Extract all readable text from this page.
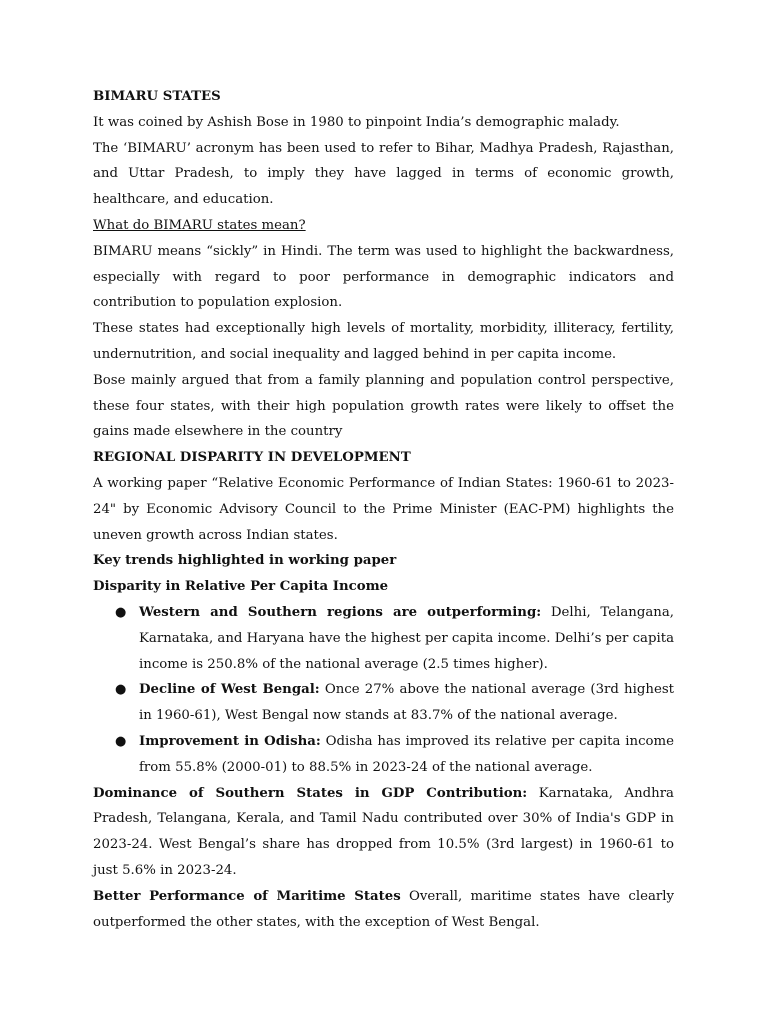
BIMARU STATES

It was coined by Ashish Bose in 1980 to pinpoint India’s demographic malady.

The ‘BIMARU’ acronym has been used to refer to Bihar, Madhya Pradesh, Rajasthan, and Uttar Pradesh, to imply they have lagged in terms of economic growth, healthcare, and education.

What do BIMARU states mean?

BIMARU means “sickly” in Hindi. The term was used to highlight the backwardness, especially with regard to poor performance in demographic indicators and contribution to population explosion.

These states had exceptionally high levels of mortality, morbidity, illiteracy, fertility, undernutrition, and social inequality and lagged behind in per capita income.

Bose mainly argued that from a family planning and population control perspective, these four states, with their high population growth rates were likely to offset the gains made elsewhere in the country

REGIONAL DISPARITY IN DEVELOPMENT

A working paper “Relative Economic Performance of Indian States: 1960-61 to 2023-24" by Economic Advisory Council to the Prime Minister (EAC-PM) highlights the uneven growth across Indian states.

Key trends highlighted in working paper

Disparity in Relative Per Capita Income

● Western and Southern regions are outperforming: Delhi, Telangana, Karnataka, and Haryana have the highest per capita income. Delhi’s per capita income is 250.8% of the national average (2.5 times higher).
● Decline of West Bengal: Once 27% above the national average (3rd highest in 1960-61), West Bengal now stands at 83.7% of the national average.
● Improvement in Odisha: Odisha has improved its relative per capita income from 55.8% (2000-01) to 88.5% in 2023-24 of the national average.

Dominance of Southern States in GDP Contribution: Karnataka, Andhra Pradesh, Telangana, Kerala, and Tamil Nadu contributed over 30% of India's GDP in 2023-24. West Bengal’s share has dropped from 10.5% (3rd largest) in 1960-61 to just 5.6% in 2023-24.

Better Performance of Maritime States Overall, maritime states have clearly outperformed the other states, with the exception of West Bengal.
